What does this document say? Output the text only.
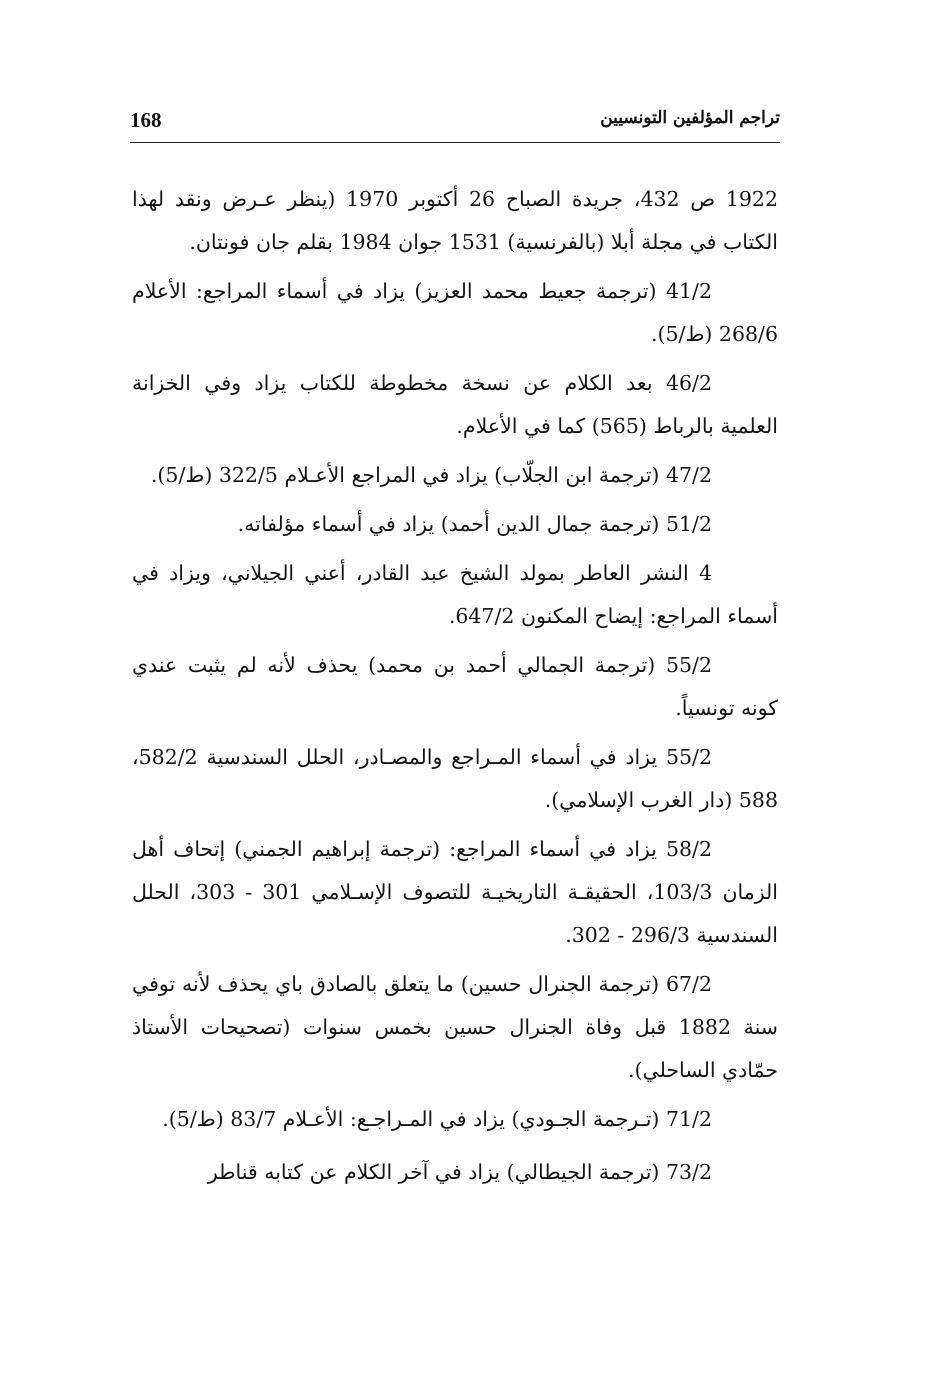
168	تراجم المؤلفين التونسيين

1922 ص 432، جريدة الصباح 26 أكتوبر 1970 (ينظر عـرض ونقد لهذا الكتاب في مجلة أبلا (بالفرنسية) 1531 جوان 1984 بقلم جان فونتان.

41/2 (ترجمة جعيط محمد العزيز) يزاد في أسماء المراجع: الأعلام 268/6 (ط/5).

46/2 بعد الكلام عن نسخة مخطوطة للكتاب يزاد وفي الخزانة العلمية بالرباط (565) كما في الأعلام.

47/2 (ترجمة ابن الجلّاب) يزاد في المراجع الأعـلام 322/5 (ط/5).

51/2 (ترجمة جمال الدين أحمد) يزاد في أسماء مؤلفاته.

4 النشر العاطر بمولد الشيخ عبد القادر، أعني الجيلاني، ويزاد في أسماء المراجع: إيضاح المكنون 647/2.

55/2 (ترجمة الجمالي أحمد بن محمد) يحذف لأنه لم يثبت عندي كونه تونسياً.

55/2 يزاد في أسماء المـراجع والمصـادر، الحلل السندسية 582/2، 588 (دار الغرب الإسلامي).

58/2 يزاد في أسماء المراجع: (ترجمة إبراهيم الجمني) إتحاف أهل الزمان 103/3، الحقيقـة التاريخيـة للتصوف الإسـلامي 301 - 303، الحلل السندسية 296/3 - 302.

67/2 (ترجمة الجنرال حسين) ما يتعلق بالصادق باي يحذف لأنه توفي سنة 1882 قبل وفاة الجنرال حسين بخمس سنوات (تصحيحات الأستاذ حمّادي الساحلي).

71/2 (تـرجمة الجـودي) يزاد في المـراجـع: الأعـلام 83/7 (ط/5).

73/2 (ترجمة الجيطالي) يزاد في آخر الكلام عن كتابه قناطر
